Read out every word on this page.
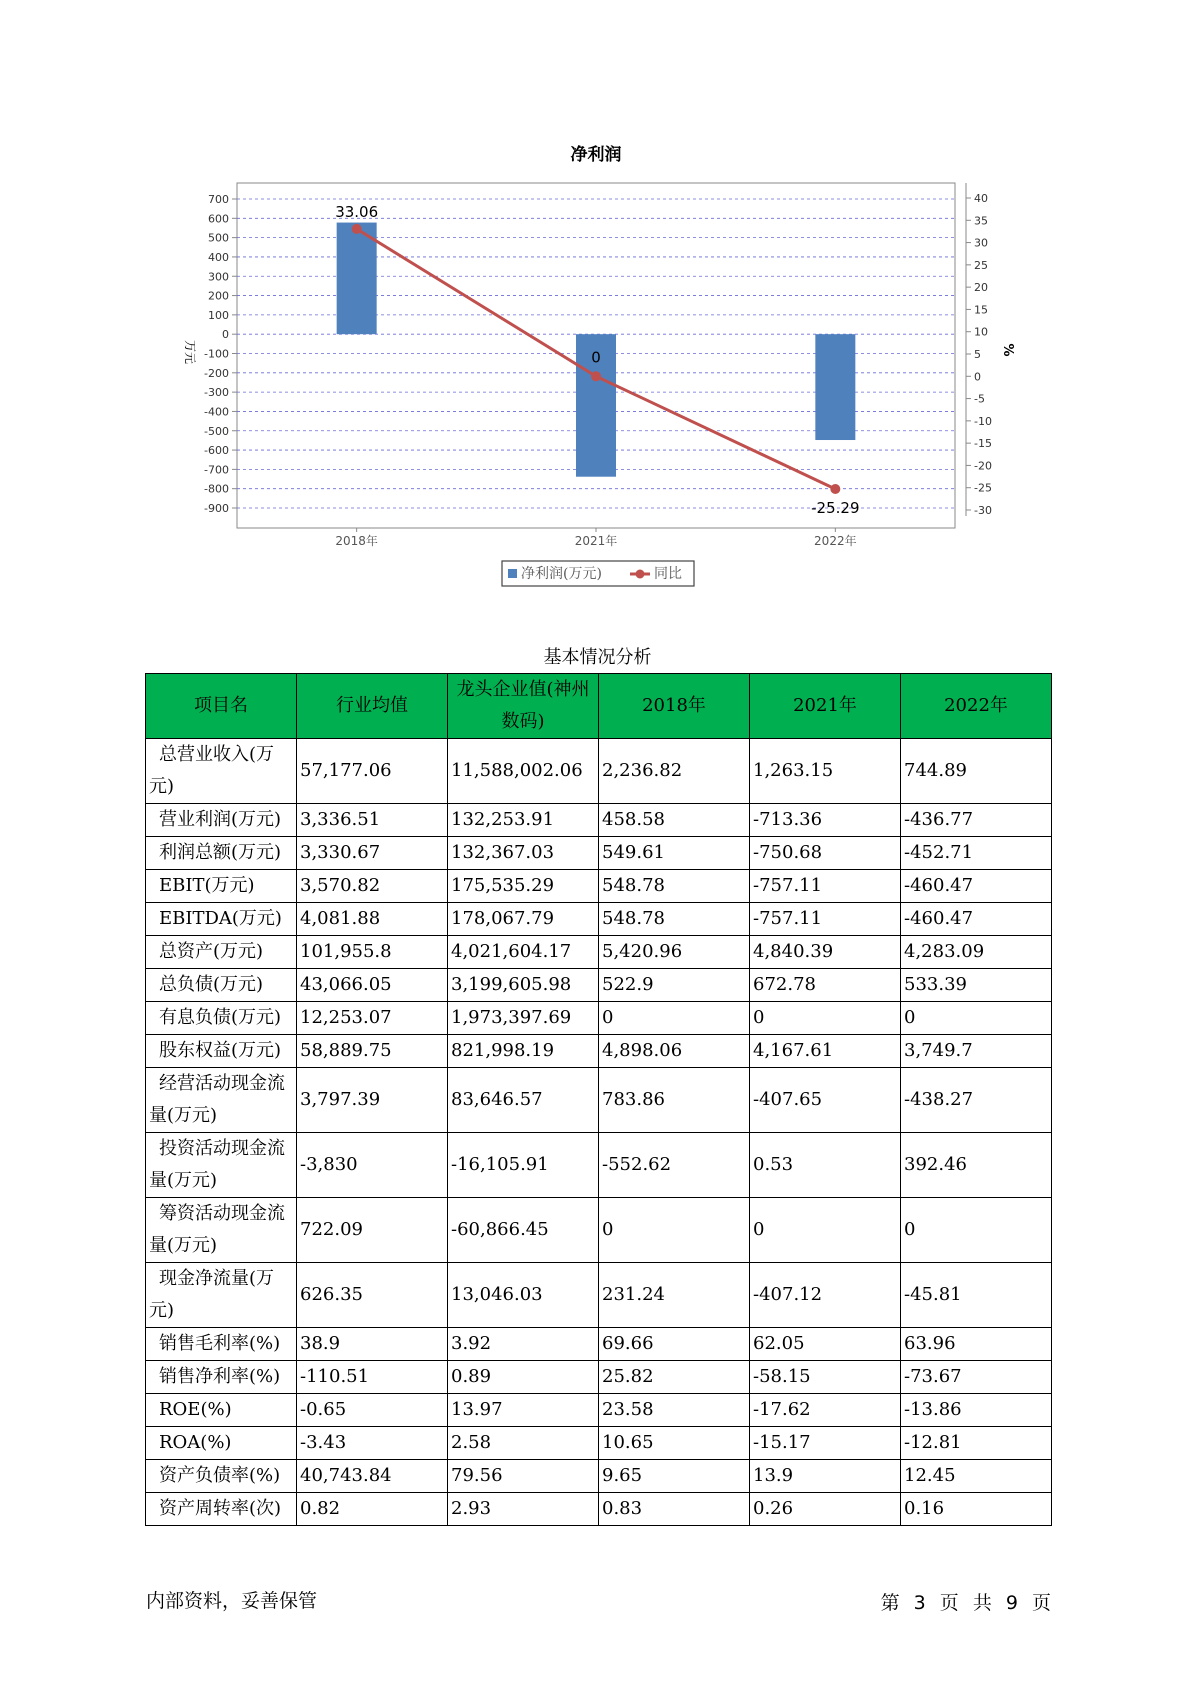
净利润
700
600
500
400
300
200
100
0
-100
-200
-300
-400
-500
-600
-700
-800
-900
40
35
30
25
20
15
10
5
0
-5
-10
-15
-20
-25
-30
万元	%
2018年	2021年	2022年
33.06
0
-25.29
净利润(万元)	同比
基本情况分析
项目名	行业均值	龙头企业值(神州数码)	2018年	2021年	2022年
总营业收入(万元)	57,177.06	11,588,002.06	2,236.82	1,263.15	744.89
营业利润(万元)	3,336.51	132,253.91	458.58	-713.36	-436.77
利润总额(万元)	3,330.67	132,367.03	549.61	-750.68	-452.71
EBIT(万元)	3,570.82	175,535.29	548.78	-757.11	-460.47
EBITDA(万元)	4,081.88	178,067.79	548.78	-757.11	-460.47
总资产(万元)	101,955.8	4,021,604.17	5,420.96	4,840.39	4,283.09
总负债(万元)	43,066.05	3,199,605.98	522.9	672.78	533.39
有息负债(万元)	12,253.07	1,973,397.69	0	0	0
股东权益(万元)	58,889.75	821,998.19	4,898.06	4,167.61	3,749.7
经营活动现金流量(万元)	3,797.39	83,646.57	783.86	-407.65	-438.27
投资活动现金流量(万元)	-3,830	-16,105.91	-552.62	0.53	392.46
筹资活动现金流量(万元)	722.09	-60,866.45	0	0	0
现金净流量(万元)	626.35	13,046.03	231.24	-407.12	-45.81
销售毛利率(%)	38.9	3.92	69.66	62.05	63.96
销售净利率(%)	-110.51	0.89	25.82	-58.15	-73.67
ROE(%)	-0.65	13.97	23.58	-17.62	-13.86
ROA(%)	-3.43	2.58	10.65	-15.17	-12.81
资产负债率(%)	40,743.84	79.56	9.65	13.9	12.45
资产周转率(次)	0.82	2.93	0.83	0.26	0.16
内部资料，妥善保管	第 3 页 共 9 页
